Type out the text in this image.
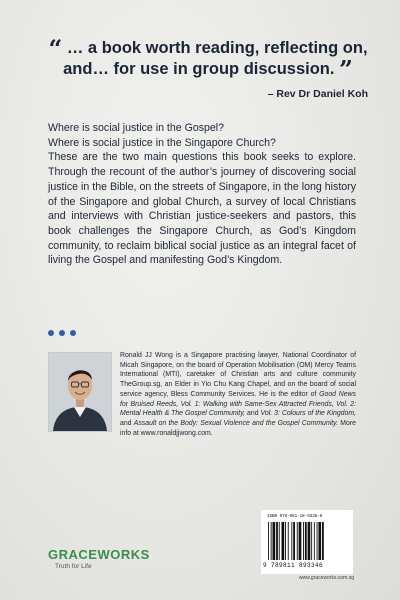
“ … a book worth reading, reflecting on,
and… for use in group discussion. ”
– Rev Dr Daniel Koh

Where is social justice in the Gospel?

Where is social justice in the Singapore Church?

These are the two main questions this book seeks to explore. Through the recount of the author’s journey of discovering social justice in the Bible, on the streets of Singapore, in the long history of the Singapore and global Church, a survey of local Christians and interviews with Christian justice-seekers and pastors, this book challenges the Singapore Church, as God’s Kingdom community, to reclaim biblical social justice as an integral facet of living the Gospel and manifesting God’s Kingdom.

Ronald JJ Wong is a Singapore practising lawyer, National Coordinator of Micah Singapore, on the board of Operation Mobilisation (OM) Mercy Teams International (MTI), caretaker of Christian arts and culture community TheGroup.sg, an Elder in Yio Chu Kang Chapel, and on the board of social service agency, Bless Community Services. He is the editor of Good News for Bruised Reeds, Vol. 1: Walking with Same-Sex Attracted Friends, Vol. 2: Mental Health & The Gospel Community, and Vol. 3: Colours of the Kingdom, and Assault on the Body: Sexual Violence and the Gospel Community. More info at www.ronaldjjwong.com.
GRACEWORKS
Truth for Life
ISBN 978-981-18-9336-6
9 789811 893346
www.graceworks.com.sg
